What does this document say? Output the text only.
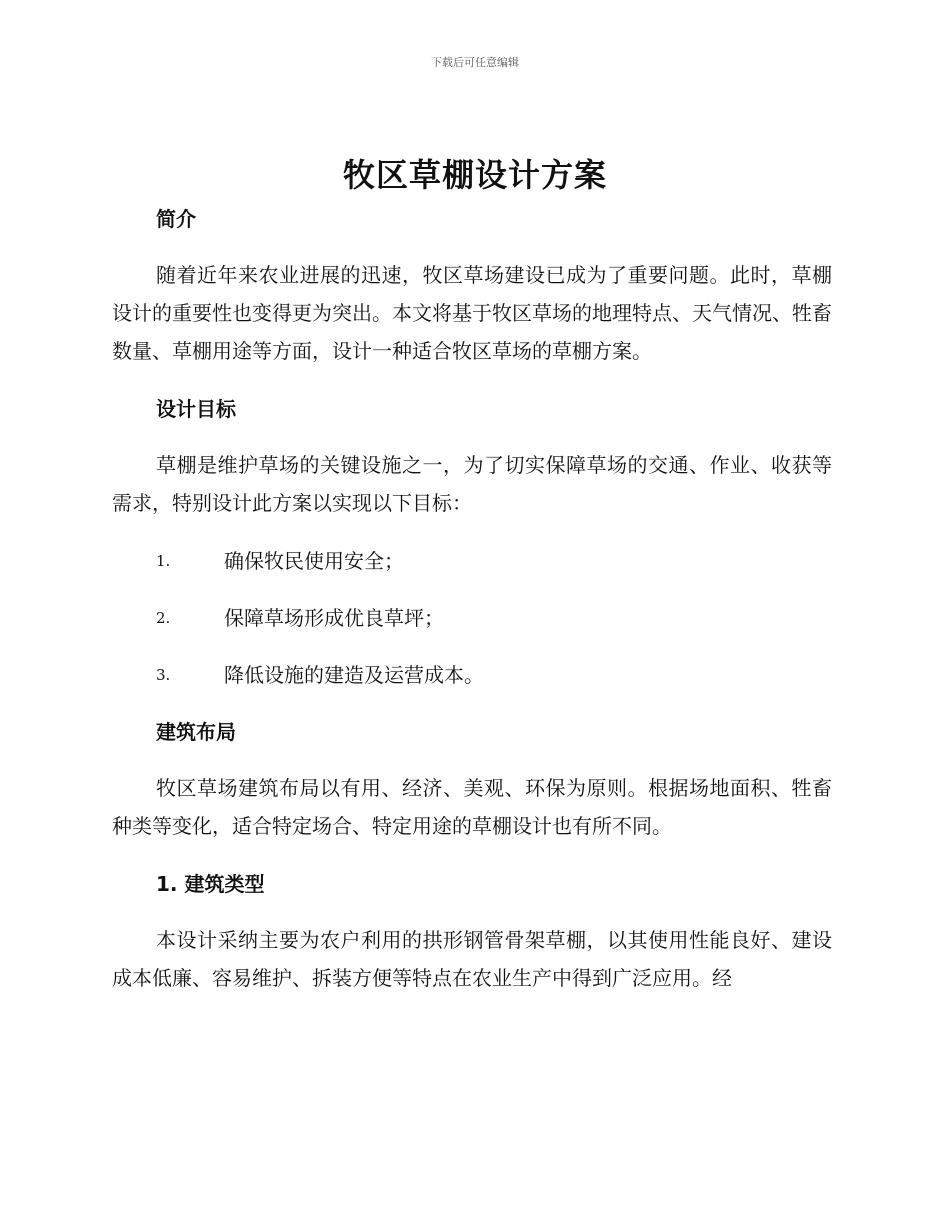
下载后可任意编辑
牧区草棚设计方案

简介

随着近年来农业进展的迅速，牧区草场建设已成为了重要问题。此时，草棚设计的重要性也变得更为突出。本文将基于牧区草场的地理特点、天气情况、牲畜数量、草棚用途等方面，设计一种适合牧区草场的草棚方案。

设计目标

草棚是维护草场的关键设施之一，为了切实保障草场的交通、作业、收获等需求，特别设计此方案以实现以下目标：

1.	确保牧民使用安全；
2.	保障草场形成优良草坪；
3.	降低设施的建造及运营成本。

建筑布局

牧区草场建筑布局以有用、经济、美观、环保为原则。根据场地面积、牲畜种类等变化，适合特定场合、特定用途的草棚设计也有所不同。

1. 建筑类型

本设计采纳主要为农户利用的拱形钢管骨架草棚，以其使用性能良好、建设成本低廉、容易维护、拆装方便等特点在农业生产中得到广泛应用。经
